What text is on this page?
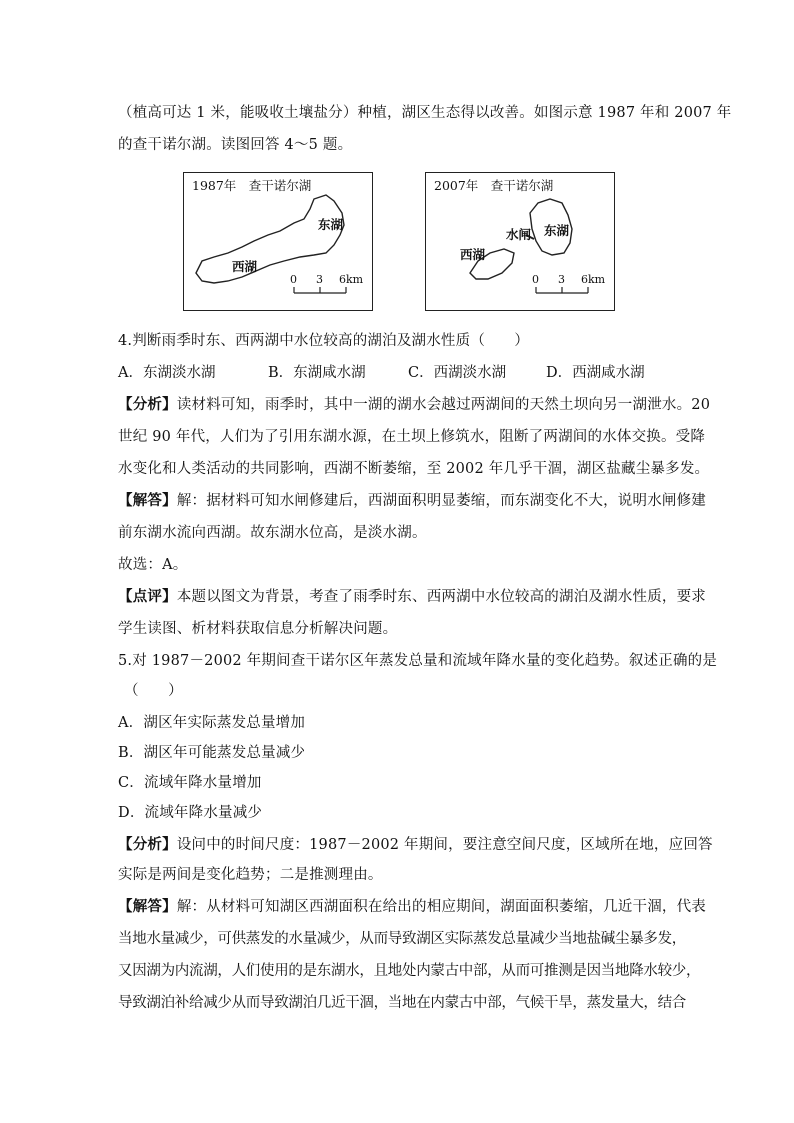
（植高可达 1 米，能吸收土壤盐分）种植，湖区生态得以改善。如图示意 1987 年和 2007 年
的查干诺尔湖。读图回答 4～5 题。
1987年　查干诺尔湖
东湖
西湖
0 3 6km
2007年　查干诺尔湖
东湖
水闸
西湖
0 3 6km
4.判断雨季时东、西两湖中水位较高的湖泊及湖水性质（　　）
A．东湖淡水湖	B．东湖咸水湖	C．西湖淡水湖	D．西湖咸水湖
【分析】读材料可知，雨季时，其中一湖的湖水会越过两湖间的天然土坝向另一湖泄水。20
世纪 90 年代，人们为了引用东湖水源，在土坝上修筑水，阻断了两湖间的水体交换。受降
水变化和人类活动的共同影响，西湖不断萎缩，至 2002 年几乎干涸，湖区盐藏尘暴多发。
【解答】解：据材料可知水闸修建后，西湖面积明显萎缩，而东湖变化不大，说明水闸修建
前东湖水流向西湖。故东湖水位高，是淡水湖。
故选：A。
【点评】本题以图文为背景，考查了雨季时东、西两湖中水位较高的湖泊及湖水性质，要求
学生读图、析材料获取信息分析解决问题。
5.对 1987－2002 年期间查干诺尔区年蒸发总量和流域年降水量的变化趋势。叙述正确的是
（　　）
A．湖区年实际蒸发总量增加
B．湖区年可能蒸发总量减少
C．流域年降水量增加
D．流域年降水量减少
【分析】设问中的时间尺度：1987－2002 年期间，要注意空间尺度，区域所在地，应回答
实际是两间是变化趋势；二是推测理由。
【解答】解：从材料可知湖区西湖面积在给出的相应期间，湖面面积萎缩，几近干涸，代表
当地水量减少，可供蒸发的水量减少，从而导致湖区实际蒸发总量减少当地盐碱尘暴多发，
又因湖为内流湖，人们使用的是东湖水，且地处内蒙古中部，从而可推测是因当地降水较少，
导致湖泊补给减少从而导致湖泊几近干涸，当地在内蒙古中部，气候干旱，蒸发量大，结合
